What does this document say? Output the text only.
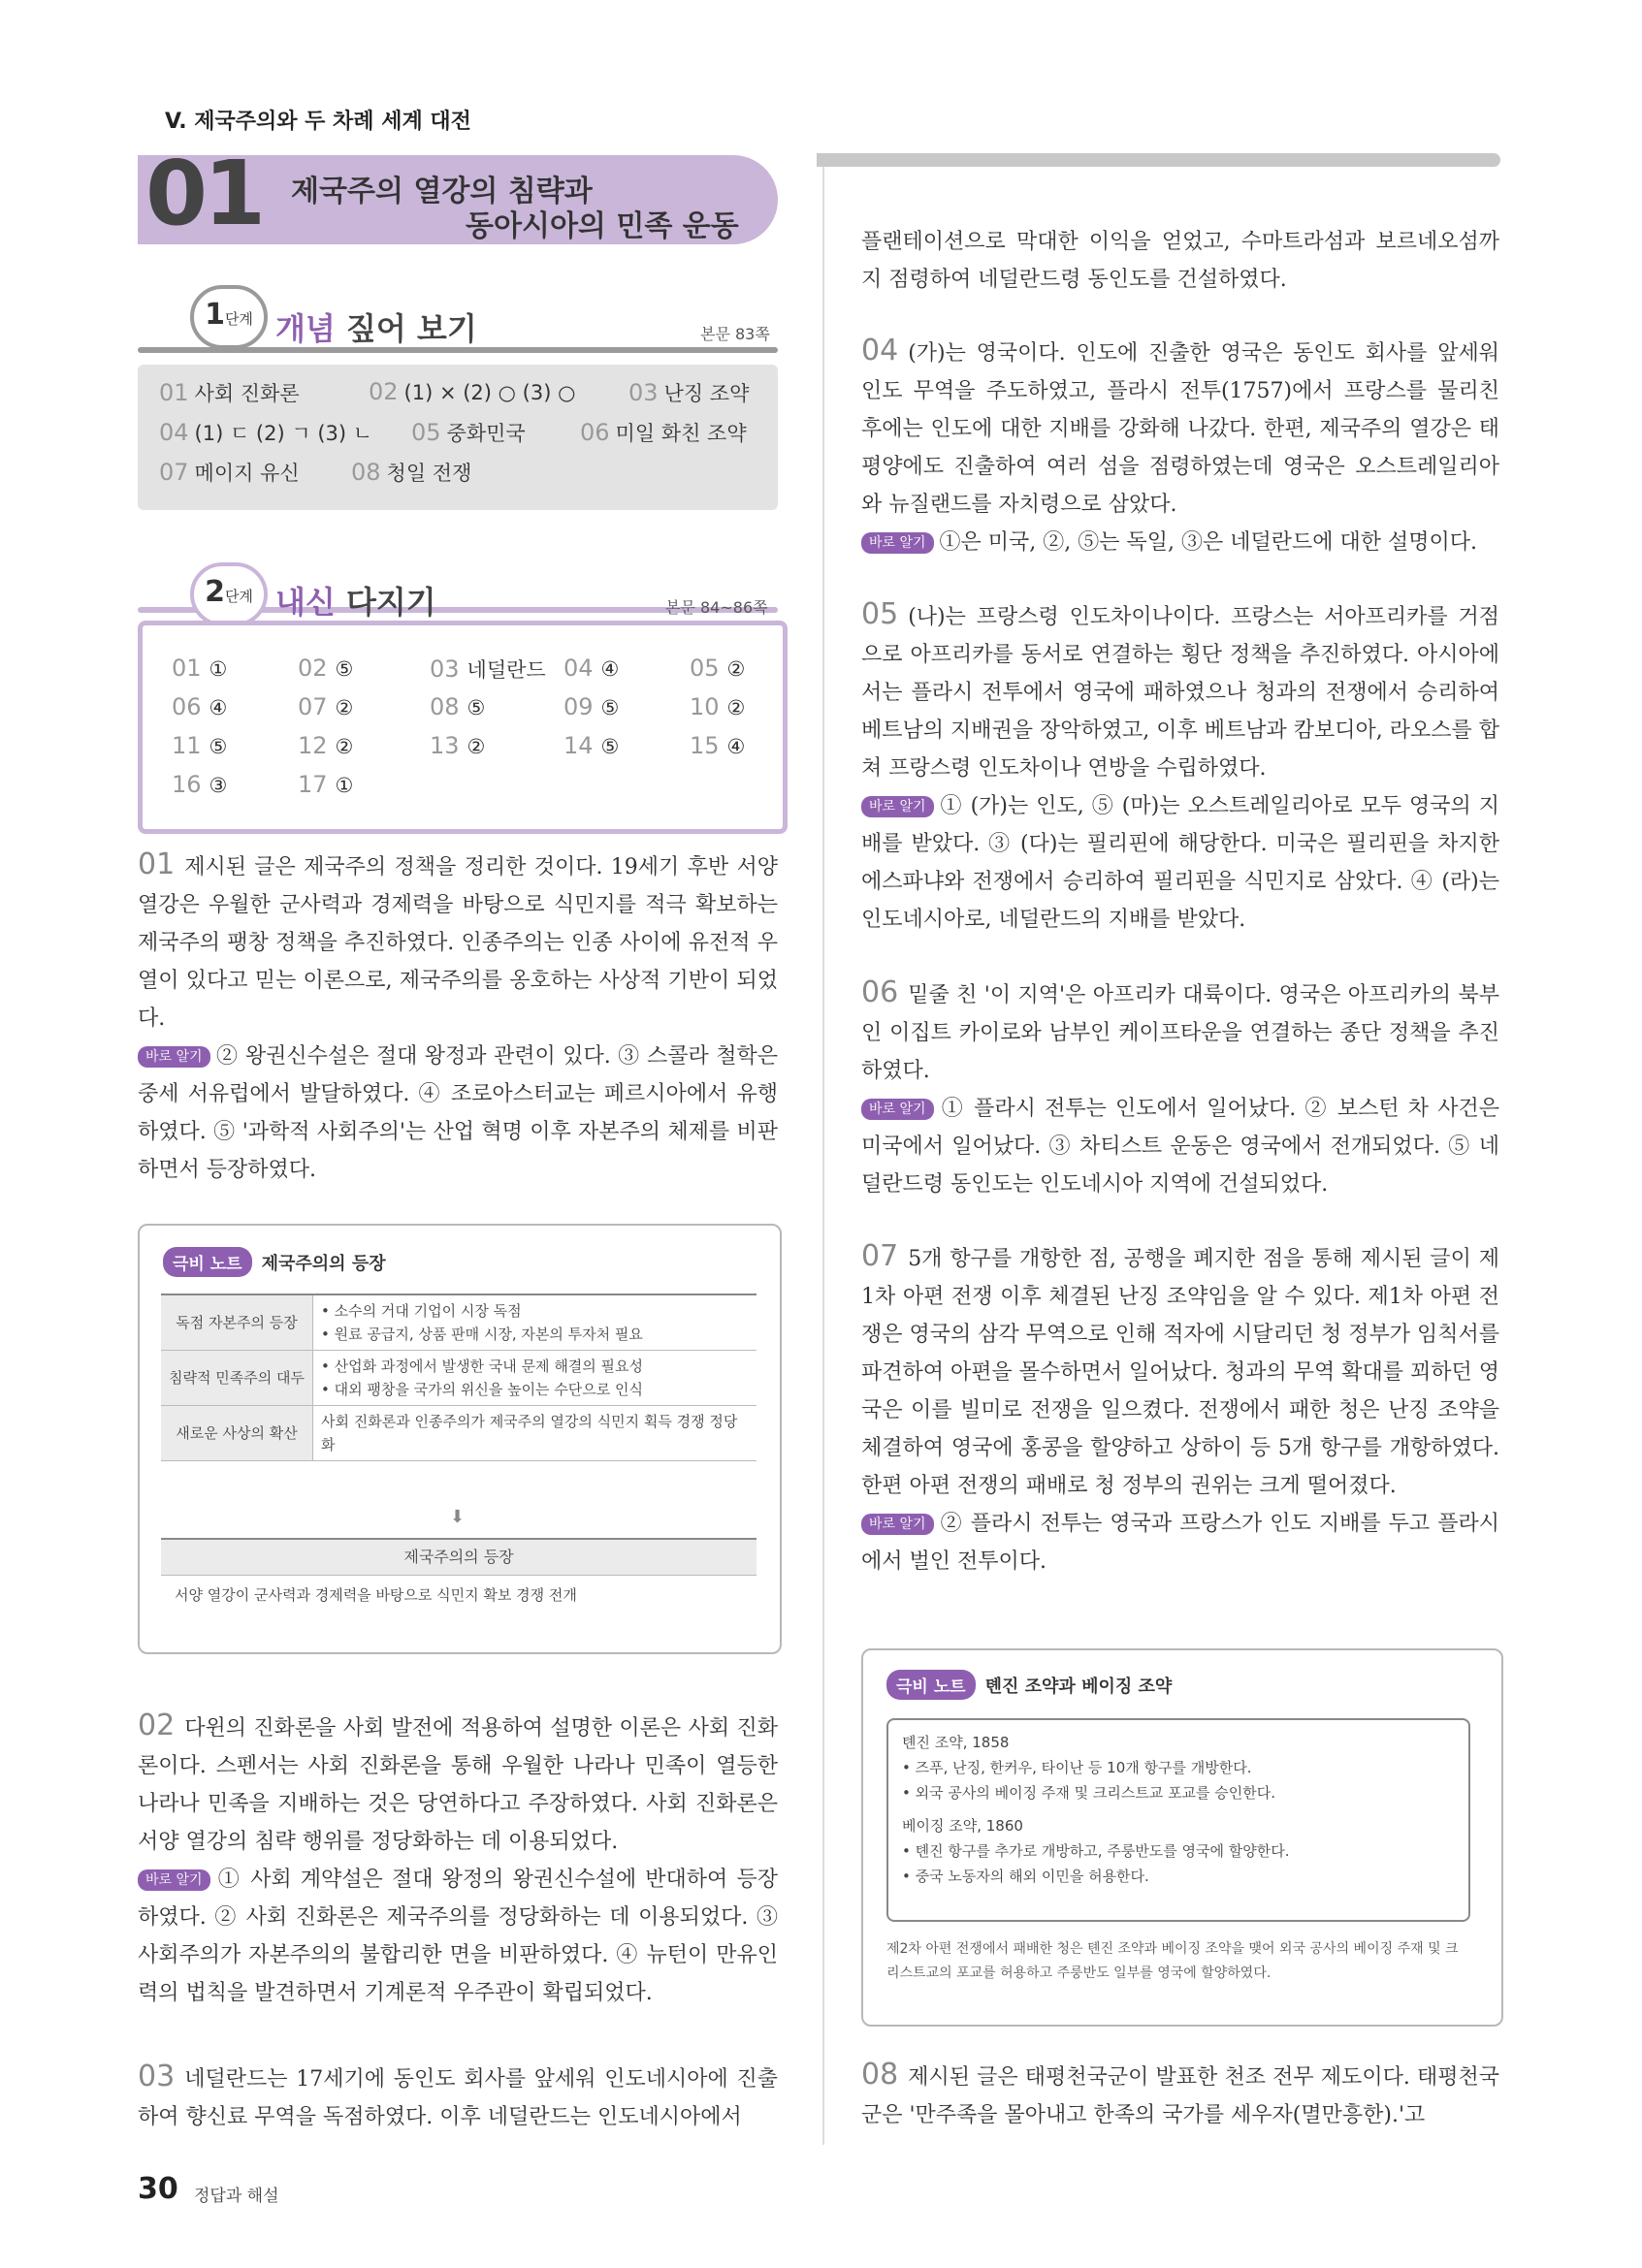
V. 제국주의와 두 차례 세계 대전
01 제국주의 열강의 침략과
동아시아의 민족 운동
1단계 개념 짚어 보기	본문 83쪽
01 사회 진화론	02 (1) × (2) ○ (3) ○ 03 난징 조약
04 (1) ㄷ (2) ㄱ (3) ㄴ 05 중화민국 06 미일 화친 조약
07 메이지 유신 08 청일 전쟁
2단계 내신 다지기	본문 84~86쪽
01 ①	02 ⑤	03 네덜란드 04 ④	05 ②
06 ④	07 ②	08 ⑤	09 ⑤	10 ②
11 ⑤	12 ②	13 ②	14 ⑤	15 ④
16 ③	17 ①
01 제시된 글은 제국주의 정책을 정리한 것이다. 19세기 후반 서양 열강은 우월한 군사력과 경제력을 바탕으로 식민지를 적극 확보하는 제국주의 팽창 정책을 추진하였다. 인종주의는 인종 사이에 유전적 우열이 있다고 믿는 이론으로, 제국주의를 옹호하는 사상적 기반이 되었다.
바로 알기 ② 왕권신수설은 절대 왕정과 관련이 있다. ③ 스콜라 철학은 중세 서유럽에서 발달하였다. ④ 조로아스터교는 페르시아에서 유행하였다. ⑤ '과학적 사회주의'는 산업 혁명 이후 자본주의 체제를 비판하면서 등장하였다.
극비 노트 제국주의의 등장
독점 자본주의 등장	• 소수의 거대 기업이 시장 독점
• 원료 공급지, 상품 판매 시장, 자본의 투자처 필요

침략적 민족주의 대두	• 산업화 과정에서 발생한 국내 문제 해결의 필요성
• 대외 팽창을 국가의 위신을 높이는 수단으로 인식

새로운 사상의 확산	사회 진화론과 인종주의가 제국주의 열강의 식민지 획득 경쟁 정당화
⬇
제국주의의 등장
서양 열강이 군사력과 경제력을 바탕으로 식민지 확보 경쟁 전개
02 다윈의 진화론을 사회 발전에 적용하여 설명한 이론은 사회 진화론이다. 스펜서는 사회 진화론을 통해 우월한 나라나 민족이 열등한 나라나 민족을 지배하는 것은 당연하다고 주장하였다. 사회 진화론은 서양 열강의 침략 행위를 정당화하는 데 이용되었다.
바로 알기 ① 사회 계약설은 절대 왕정의 왕권신수설에 반대하여 등장하였다. ② 사회 진화론은 제국주의를 정당화하는 데 이용되었다. ③ 사회주의가 자본주의의 불합리한 면을 비판하였다. ④ 뉴턴이 만유인력의 법칙을 발견하면서 기계론적 우주관이 확립되었다.
03 네덜란드는 17세기에 동인도 회사를 앞세워 인도네시아에 진출하여 향신료 무역을 독점하였다. 이후 네덜란드는 인도네시아에서
플랜테이션으로 막대한 이익을 얻었고, 수마트라섬과 보르네오섬까지 점령하여 네덜란드령 동인도를 건설하였다.
04 (가)는 영국이다. 인도에 진출한 영국은 동인도 회사를 앞세워 인도 무역을 주도하였고, 플라시 전투(1757)에서 프랑스를 물리친 후에는 인도에 대한 지배를 강화해 나갔다. 한편, 제국주의 열강은 태평양에도 진출하여 여러 섬을 점령하였는데 영국은 오스트레일리아와 뉴질랜드를 자치령으로 삼았다.
바로 알기 ①은 미국, ②, ⑤는 독일, ③은 네덜란드에 대한 설명이다.
05 (나)는 프랑스령 인도차이나이다. 프랑스는 서아프리카를 거점으로 아프리카를 동서로 연결하는 횡단 정책을 추진하였다. 아시아에서는 플라시 전투에서 영국에 패하였으나 청과의 전쟁에서 승리하여 베트남의 지배권을 장악하였고, 이후 베트남과 캄보디아, 라오스를 합쳐 프랑스령 인도차이나 연방을 수립하였다.
바로 알기 ① (가)는 인도, ⑤ (마)는 오스트레일리아로 모두 영국의 지배를 받았다. ③ (다)는 필리핀에 해당한다. 미국은 필리핀을 차지한 에스파냐와 전쟁에서 승리하여 필리핀을 식민지로 삼았다. ④ (라)는 인도네시아로, 네덜란드의 지배를 받았다.
06 밑줄 친 '이 지역'은 아프리카 대륙이다. 영국은 아프리카의 북부인 이집트 카이로와 남부인 케이프타운을 연결하는 종단 정책을 추진하였다.
바로 알기 ① 플라시 전투는 인도에서 일어났다. ② 보스턴 차 사건은 미국에서 일어났다. ③ 차티스트 운동은 영국에서 전개되었다. ⑤ 네덜란드령 동인도는 인도네시아 지역에 건설되었다.
07 5개 항구를 개항한 점, 공행을 폐지한 점을 통해 제시된 글이 제1차 아편 전쟁 이후 체결된 난징 조약임을 알 수 있다. 제1차 아편 전쟁은 영국의 삼각 무역으로 인해 적자에 시달리던 청 정부가 임칙서를 파견하여 아편을 몰수하면서 일어났다. 청과의 무역 확대를 꾀하던 영국은 이를 빌미로 전쟁을 일으켰다. 전쟁에서 패한 청은 난징 조약을 체결하여 영국에 홍콩을 할양하고 상하이 등 5개 항구를 개항하였다. 한편 아편 전쟁의 패배로 청 정부의 권위는 크게 떨어졌다.
바로 알기 ② 플라시 전투는 영국과 프랑스가 인도 지배를 두고 플라시에서 벌인 전투이다.
극비 노트 톈진 조약과 베이징 조약
톈진 조약, 1858
• 즈푸, 난징, 한커우, 타이난 등 10개 항구를 개방한다.
• 외국 공사의 베이징 주재 및 크리스트교 포교를 승인한다.
베이징 조약, 1860
• 톈진 항구를 추가로 개방하고, 주룽반도를 영국에 할양한다.
• 중국 노동자의 해외 이민을 허용한다.
제2차 아편 전쟁에서 패배한 청은 톈진 조약과 베이징 조약을 맺어 외국 공사의 베이징 주재 및 크리스트교의 포교를 허용하고 주룽반도 일부를 영국에 할양하였다.
08 제시된 글은 태평천국군이 발표한 천조 전무 제도이다. 태평천국군은 '만주족을 몰아내고 한족의 국가를 세우자(멸만흥한).'고
30 정답과 해설
